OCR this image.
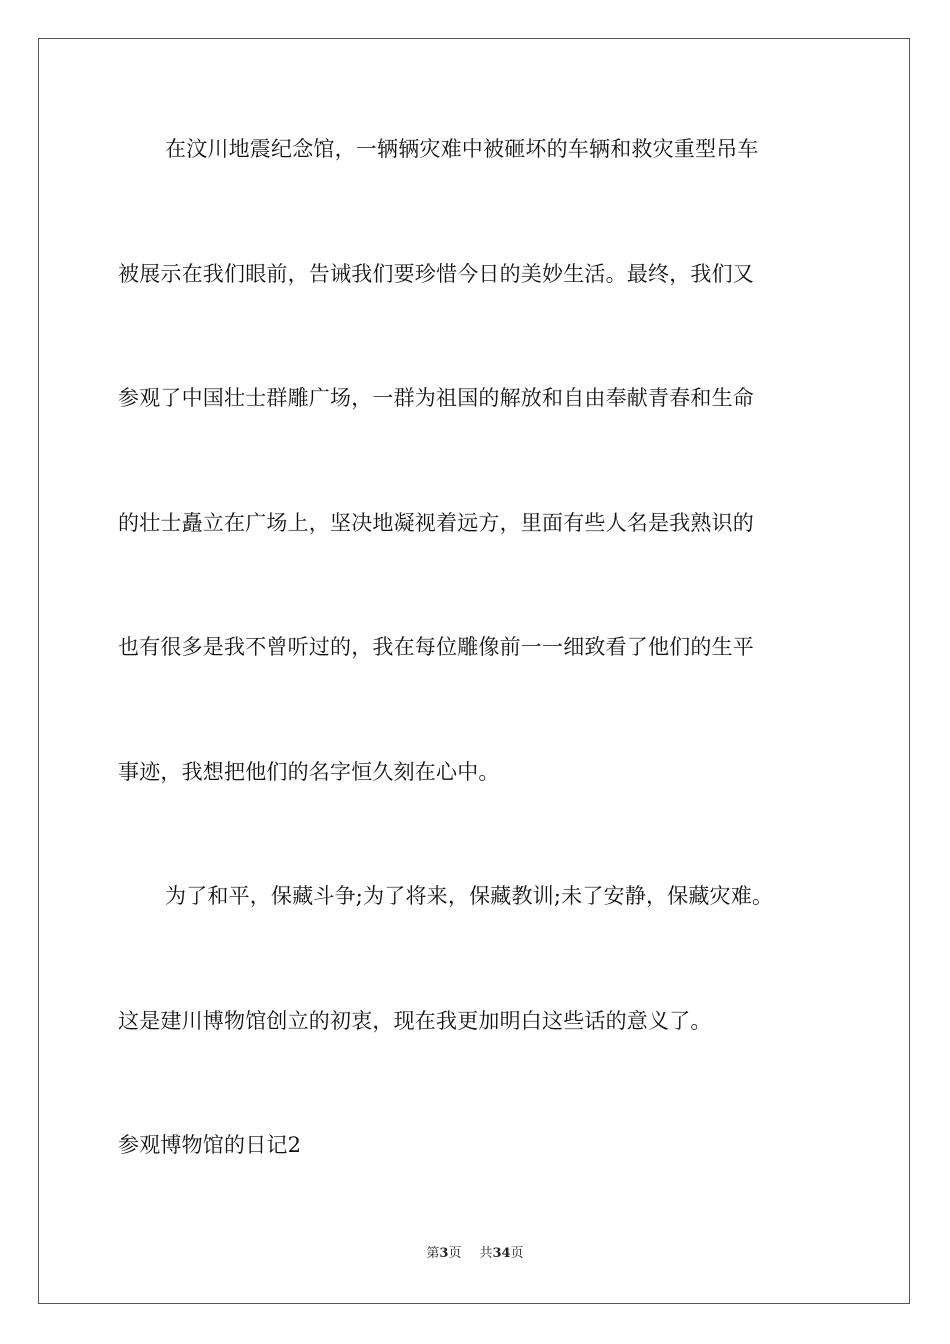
在汶川地震纪念馆，一辆辆灾难中被砸坏的车辆和救灾重型吊车
被展示在我们眼前，告诫我们要珍惜今日的美妙生活。最终，我们又
参观了中国壮士群雕广场，一群为祖国的解放和自由奉献青春和生命
的壮士矗立在广场上，坚决地凝视着远方，里面有些人名是我熟识的
也有很多是我不曾听过的，我在每位雕像前一一细致看了他们的生平
事迹，我想把他们的名字恒久刻在心中。
为了和平，保藏斗争;为了将来，保藏教训;未了安静，保藏灾难。
这是建川博物馆创立的初衷，现在我更加明白这些话的意义了。
参观博物馆的日记2
第3页 共34页
